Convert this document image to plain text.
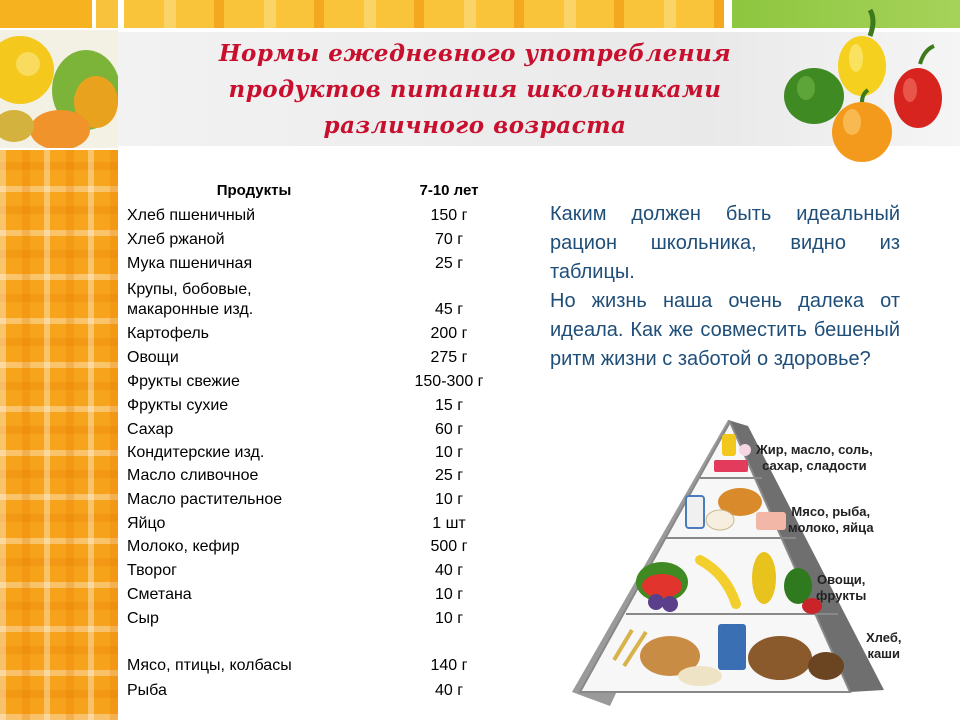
Нормы ежедневного употребления
продуктов питания школьниками
различного возраста
Продукты	7-10 лет
Хлеб пшеничный	150 г
Хлеб ржаной	70 г
Мука пшеничная	25 г
Крупы, бобовые,
макаронные изд.	45 г
Картофель	200 г
Овощи	275 г
Фрукты свежие	150-300 г
Фрукты сухие	15 г
Сахар	60 г
Кондитерские изд.	10 г
Масло сливочное	25 г
Масло растительное	10 г
Яйцо	1 шт
Молоко, кефир	500 г
Творог	40 г
Сметана	10 г
Сыр	10 г
Мясо, птицы, колбасы	140 г
Рыба	40 г

Каким должен быть идеальный рацион школьника, видно из таблицы.

Но жизнь наша очень далека от идеала. Как же совместить бешеный ритм жизни с заботой о здоровье?

Жир, масло, соль,
сахар, сладости
Мясо, рыба,
молоко, яйца
Овощи,
фрукты
Хлеб,
каши
